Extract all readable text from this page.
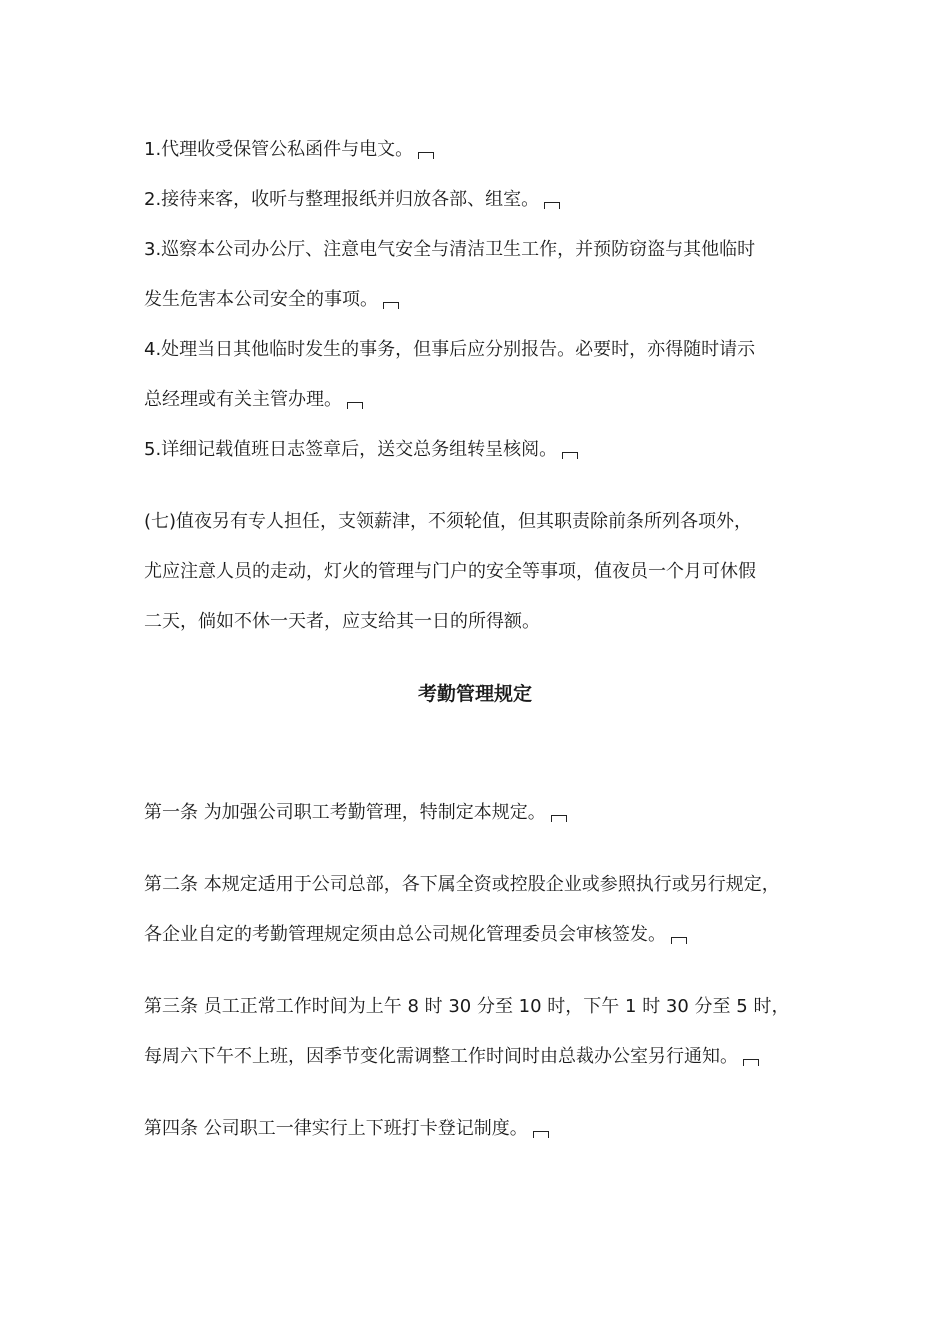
1.代理收受保管公私函件与电文。
2.接待来客，收听与整理报纸并归放各部、组室。
3.巡察本公司办公厅、注意电气安全与清洁卫生工作，并预防窃盗与其他临时
发生危害本公司安全的事项。
4.处理当日其他临时发生的事务，但事后应分别报告。必要时，亦得随时请示
总经理或有关主管办理。
5.详细记载值班日志签章后，送交总务组转呈核阅。
(七)值夜另有专人担任，支领薪津，不须轮值，但其职责除前条所列各项外，
尤应注意人员的走动，灯火的管理与门户的安全等事项，值夜员一个月可休假
二天，倘如不休一天者，应支给其一日的所得额。
考勤管理规定
第一条 为加强公司职工考勤管理，特制定本规定。
第二条 本规定适用于公司总部，各下属全资或控股企业或参照执行或另行规定，
各企业自定的考勤管理规定须由总公司规化管理委员会审核签发。
第三条 员工正常工作时间为上午 8 时 30 分至 10 时，下午 1 时 30 分至 5 时，
每周六下午不上班，因季节变化需调整工作时间时由总裁办公室另行通知。
第四条 公司职工一律实行上下班打卡登记制度。
